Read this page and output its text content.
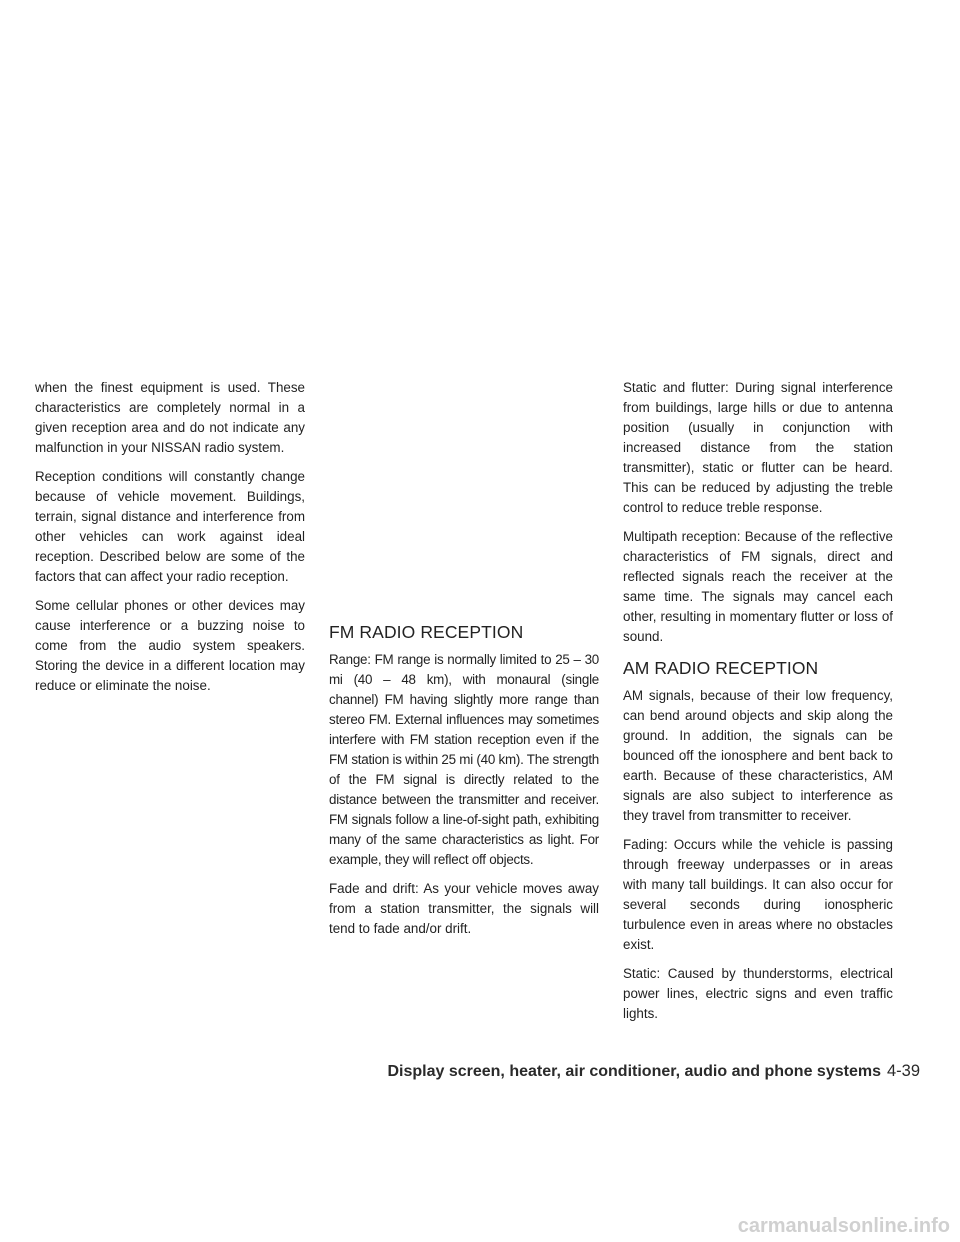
when the finest equipment is used. These characteristics are completely normal in a given reception area and do not indicate any malfunction in your NISSAN radio system.

Reception conditions will constantly change because of vehicle movement. Buildings, terrain, signal distance and interference from other vehicles can work against ideal reception. Described below are some of the factors that can affect your radio reception.

Some cellular phones or other devices may cause interference or a buzzing noise to come from the audio system speakers. Storing the device in a different location may reduce or eliminate the noise.

FM RADIO RECEPTION

Range: FM range is normally limited to 25 – 30 mi (40 – 48 km), with monaural (single channel) FM having slightly more range than stereo FM. External influences may sometimes interfere with FM station reception even if the FM station is within 25 mi (40 km). The strength of the FM signal is directly related to the distance between the transmitter and receiver. FM signals follow a line-of-sight path, exhibiting many of the same characteristics as light. For example, they will reflect off objects.

Fade and drift: As your vehicle moves away from a station transmitter, the signals will tend to fade and/or drift.

Static and flutter: During signal interference from buildings, large hills or due to antenna position (usually in conjunction with increased distance from the station transmitter), static or flutter can be heard. This can be reduced by adjusting the treble control to reduce treble response.

Multipath reception: Because of the reflective characteristics of FM signals, direct and reflected signals reach the receiver at the same time. The signals may cancel each other, resulting in momentary flutter or loss of sound.

AM RADIO RECEPTION

AM signals, because of their low frequency, can bend around objects and skip along the ground. In addition, the signals can be bounced off the ionosphere and bent back to earth. Because of these characteristics, AM signals are also subject to interference as they travel from transmitter to receiver.

Fading: Occurs while the vehicle is passing through freeway underpasses or in areas with many tall buildings. It can also occur for several seconds during ionospheric turbulence even in areas where no obstacles exist.

Static: Caused by thunderstorms, electrical power lines, electric signs and even traffic lights.

Display screen, heater, air conditioner, audio and phone systems 4-39
carmanualsonline.info
